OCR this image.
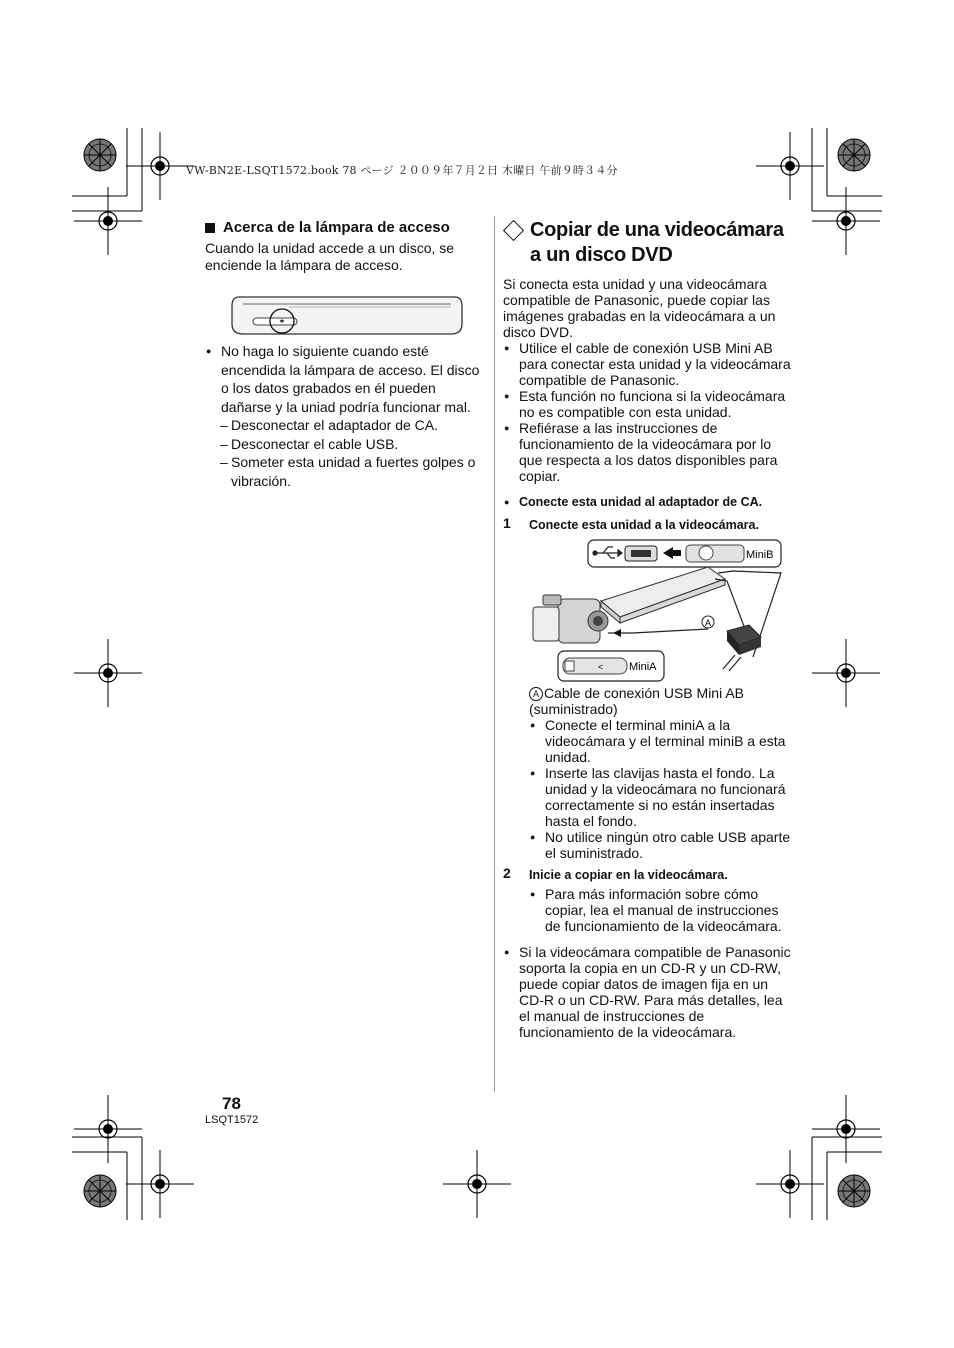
VW-BN2E-LSQT1572.book 78 ページ ２００９年７月２日 木曜日 午前９時３４分
Acerca de la lámpara de acceso

Cuando la unidad accede a un disco, se enciende la lámpara de acceso.

● No haga lo siguiente cuando esté encendida la lámpara de acceso. El disco o los datos grabados en él pueden dañarse y la uniad podría funcionar mal.
– Desconectar el adaptador de CA.
– Desconectar el cable USB.
– Someter esta unidad a fuertes golpes o vibración.
Copiar de una videocámara
a un disco DVD

Si conecta esta unidad y una videocámara compatible de Panasonic, puede copiar las imágenes grabadas en la videocámara a un disco DVD.

● Utilice el cable de conexión USB Mini AB para conectar esta unidad y la videocámara compatible de Panasonic.
● Esta función no funciona si la videocámara no es compatible con esta unidad.
● Refiérase a las instrucciones de funcionamiento de la videocámara por lo que respecta a los datos disponibles para copiar.
● Conecte esta unidad al adaptador de CA.
1 Conecte esta unidad a la videocámara.
MiniB
A
< MiniA
A Cable de conexión USB Mini AB
(suministrado)
● Conecte el terminal miniA a la videocámara y el terminal miniB a esta unidad.
● Inserte las clavijas hasta el fondo. La unidad y la videocámara no funcionará correctamente si no están insertadas hasta el fondo.
● No utilice ningún otro cable USB aparte el suministrado.
2 Inicie a copiar en la videocámara.
● Para más información sobre cómo copiar, lea el manual de instrucciones de funcionamiento de la videocámara.
● Si la videocámara compatible de Panasonic soporta la copia en un CD-R y un CD-RW, puede copiar datos de imagen fija en un CD-R o un CD-RW. Para más detalles, lea el manual de instrucciones de funcionamiento de la videocámara.
78
LSQT1572
